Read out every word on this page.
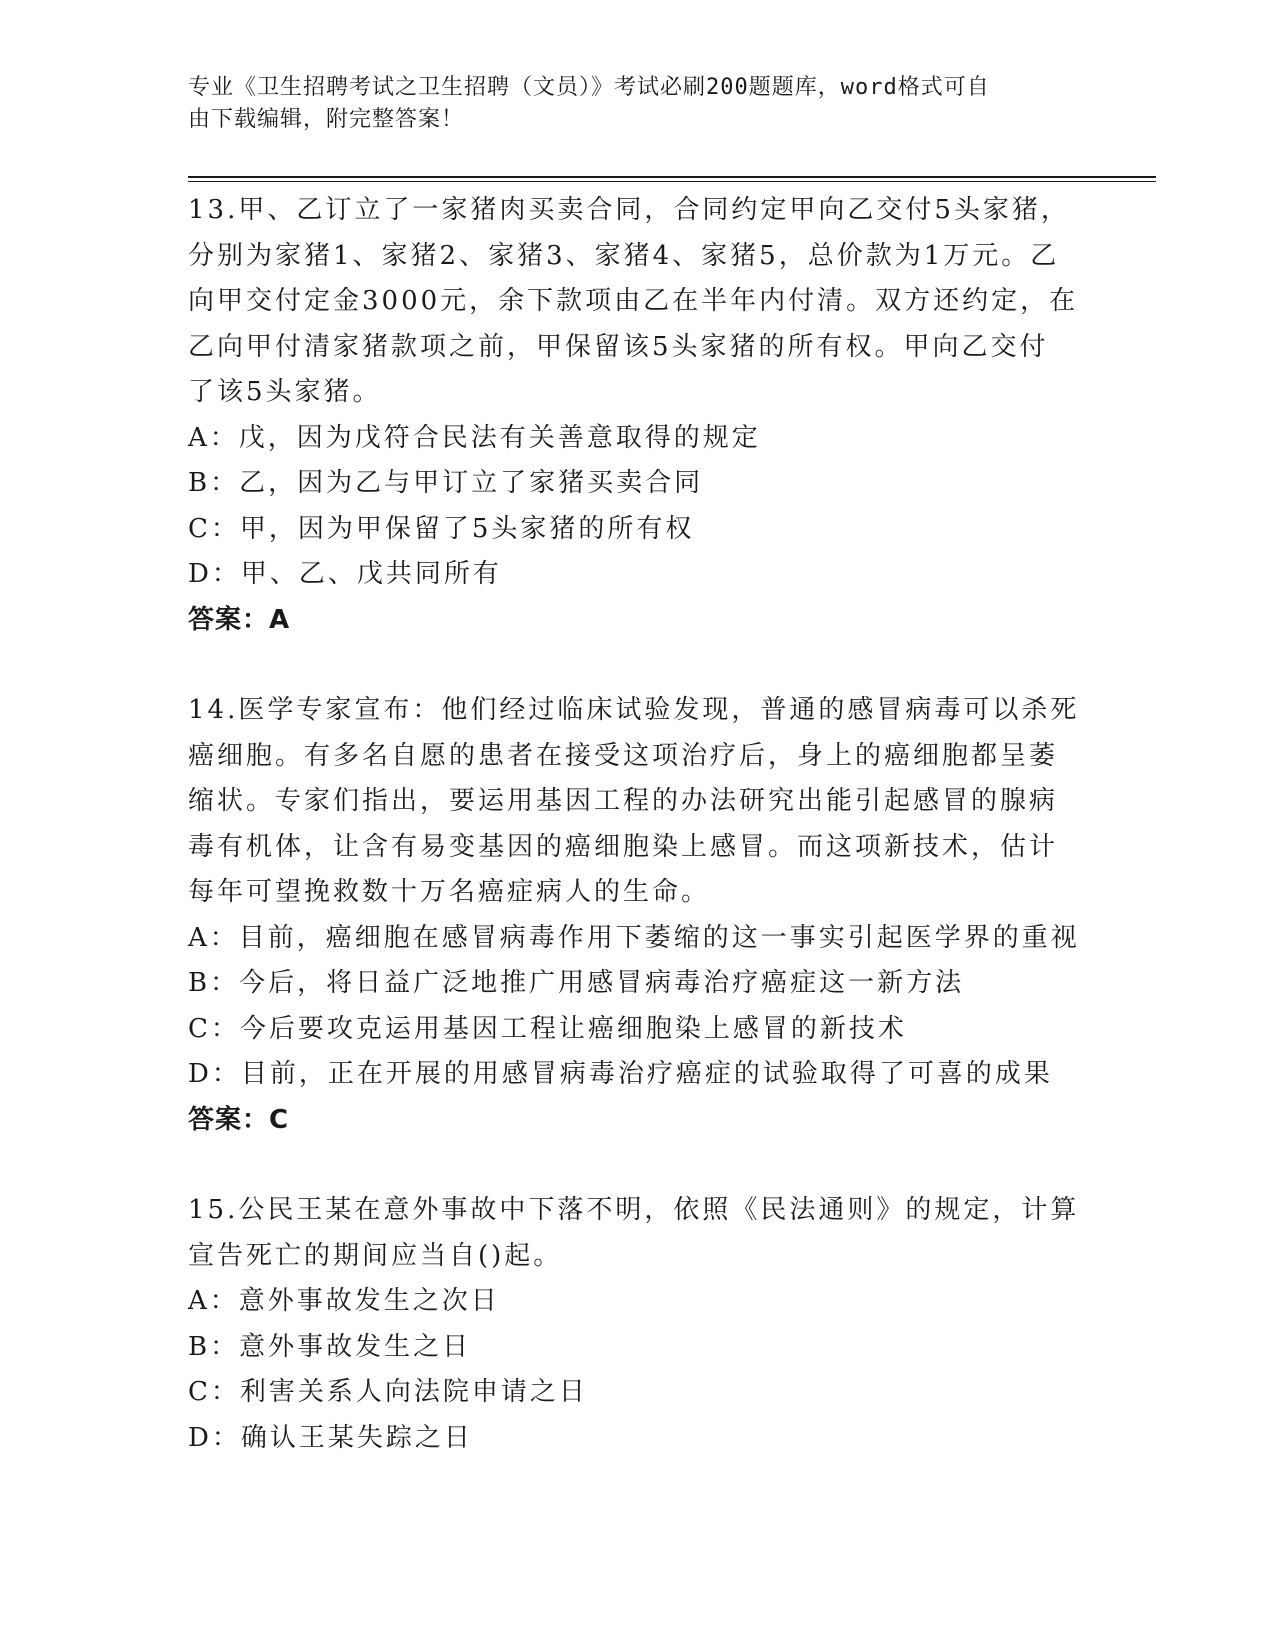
专业《卫生招聘考试之卫生招聘（文员）》考试必刷200题题库，word格式可自
由下载编辑，附完整答案！
13.甲、乙订立了一家猪肉买卖合同，合同约定甲向乙交付5头家猪，
分别为家猪1、家猪2、家猪3、家猪4、家猪5，总价款为1万元。乙
向甲交付定金3000元，余下款项由乙在半年内付清。双方还约定，在
乙向甲付清家猪款项之前，甲保留该5头家猪的所有权。甲向乙交付
了该5头家猪。
A：戊，因为戊符合民法有关善意取得的规定
B：乙，因为乙与甲订立了家猪买卖合同
C：甲，因为甲保留了5头家猪的所有权
D：甲、乙、戊共同所有
答案：A
14.医学专家宣布：他们经过临床试验发现，普通的感冒病毒可以杀死
癌细胞。有多名自愿的患者在接受这项治疗后，身上的癌细胞都呈萎
缩状。专家们指出，要运用基因工程的办法研究出能引起感冒的腺病
毒有机体，让含有易变基因的癌细胞染上感冒。而这项新技术，估计
每年可望挽救数十万名癌症病人的生命。
A：目前，癌细胞在感冒病毒作用下萎缩的这一事实引起医学界的重视
B：今后，将日益广泛地推广用感冒病毒治疗癌症这一新方法
C：今后要攻克运用基因工程让癌细胞染上感冒的新技术
D：目前，正在开展的用感冒病毒治疗癌症的试验取得了可喜的成果
答案：C
15.公民王某在意外事故中下落不明，依照《民法通则》的规定，计算
宣告死亡的期间应当自()起。
A：意外事故发生之次日
B：意外事故发生之日
C：利害关系人向法院申请之日
D：确认王某失踪之日
